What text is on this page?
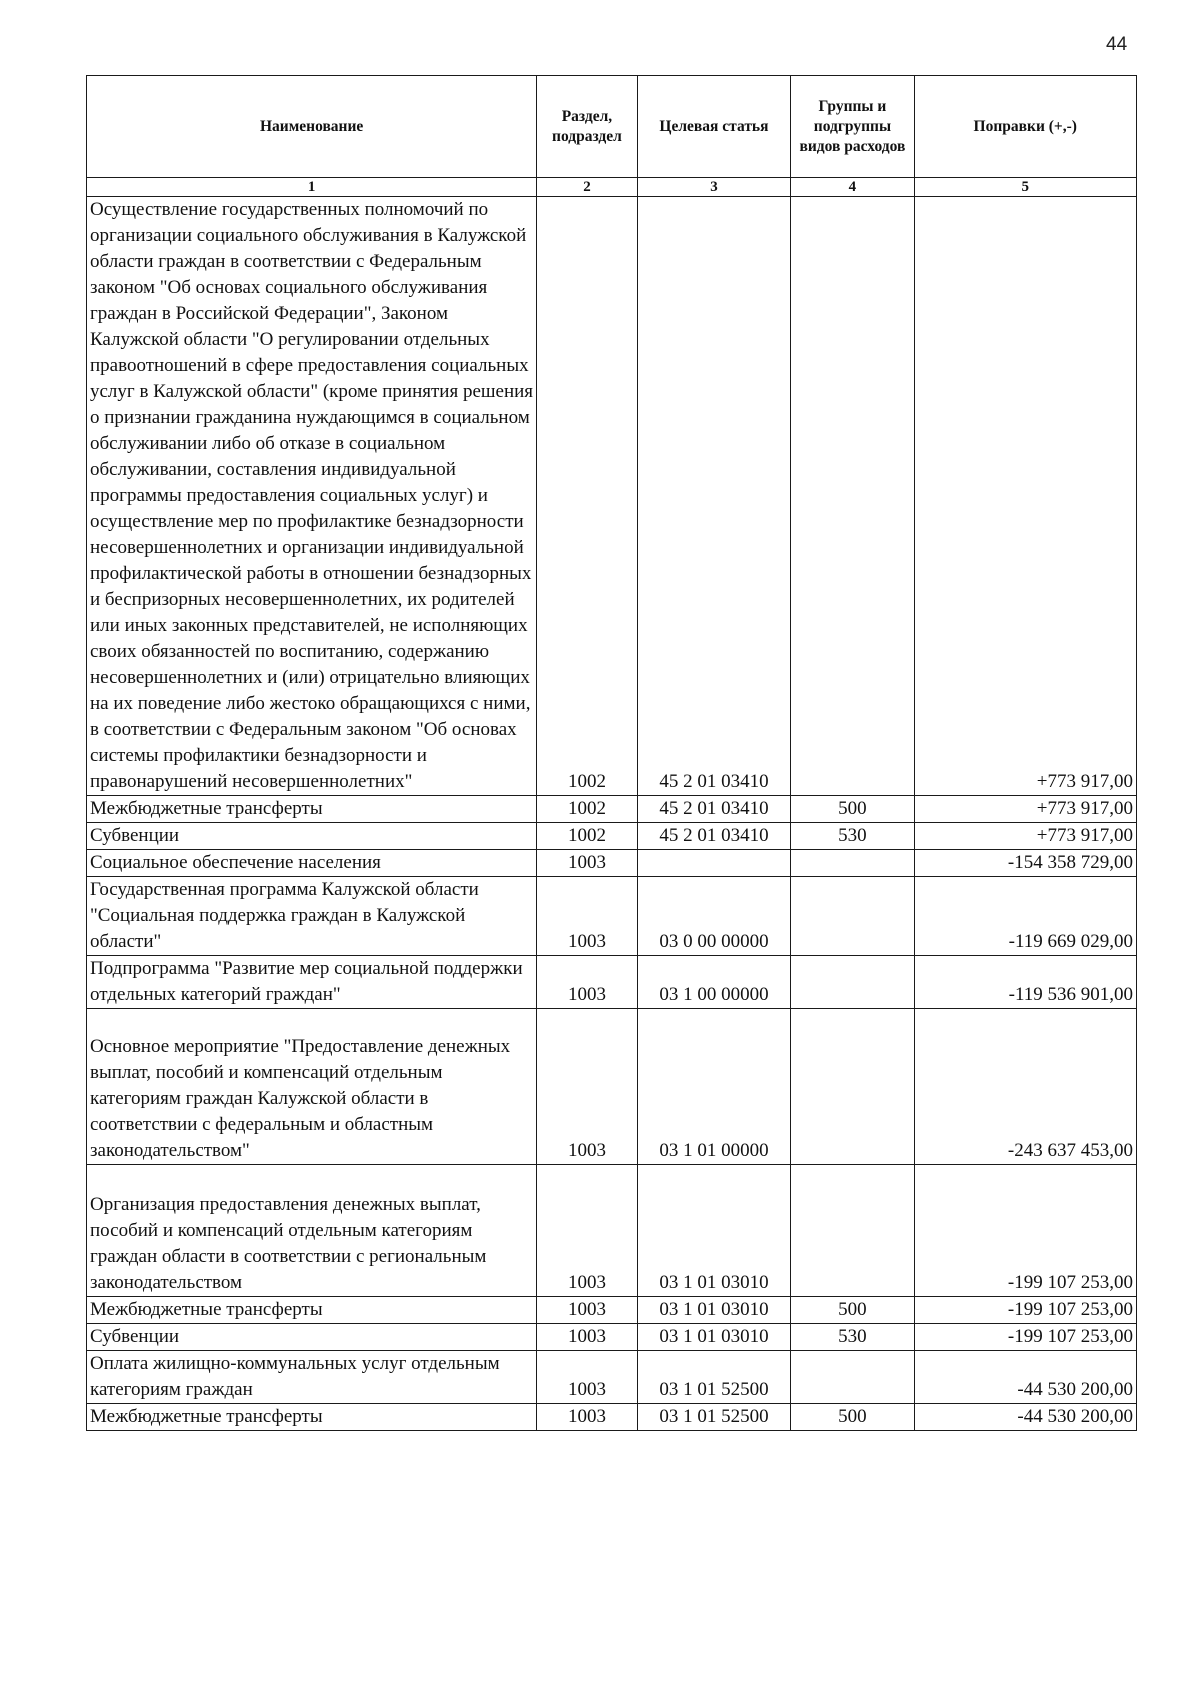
44
Наименование	Раздел, подраздел	Целевая статья	Группы и подгруппы видов расходов	Поправки (+,-)
1	2	3	4	5
Осуществление государственных полномочий по организации социального обслуживания в Калужской области граждан в соответствии с Федеральным законом "Об основах социального обслуживания граждан в Российской Федерации", Законом Калужской области "О регулировании отдельных правоотношений в сфере предоставления социальных услуг в Калужской области" (кроме принятия решения о признании гражданина нуждающимся в социальном обслуживании либо об отказе в социальном обслуживании, составления индивидуальной программы предоставления социальных услуг) и осуществление мер по профилактике безнадзорности несовершеннолетних и организации индивидуальной профилактической работы в отношении безнадзорных и беспризорных несовершеннолетних, их родителей или иных законных представителей, не исполняющих своих обязанностей по воспитанию, содержанию несовершеннолетних и (или) отрицательно влияющих на их поведение либо жестоко обращающихся с ними, в соответствии с Федеральным законом "Об основах системы профилактики безнадзорности и правонарушений несовершеннолетних"	1002	45 2 01 03410		+773 917,00
Межбюджетные трансферты	1002	45 2 01 03410	500	+773 917,00
Субвенции	1002	45 2 01 03410	530	+773 917,00
Социальное обеспечение населения	1003			-154 358 729,00
Государственная программа Калужской области "Социальная поддержка граждан в Калужской области"	1003	03 0 00 00000		-119 669 029,00
Подпрограмма "Развитие мер социальной поддержки отдельных категорий граждан"	1003	03 1 00 00000		-119 536 901,00
Основное мероприятие "Предоставление денежных выплат, пособий и компенсаций отдельным категориям граждан Калужской области в соответствии с федеральным и областным законодательством"	1003	03 1 01 00000		-243 637 453,00
Организация предоставления денежных выплат, пособий и компенсаций отдельным категориям граждан области в соответствии с региональным законодательством	1003	03 1 01 03010		-199 107 253,00
Межбюджетные трансферты	1003	03 1 01 03010	500	-199 107 253,00
Субвенции	1003	03 1 01 03010	530	-199 107 253,00
Оплата жилищно-коммунальных услуг отдельным категориям граждан	1003	03 1 01 52500		-44 530 200,00
Межбюджетные трансферты	1003	03 1 01 52500	500	-44 530 200,00
